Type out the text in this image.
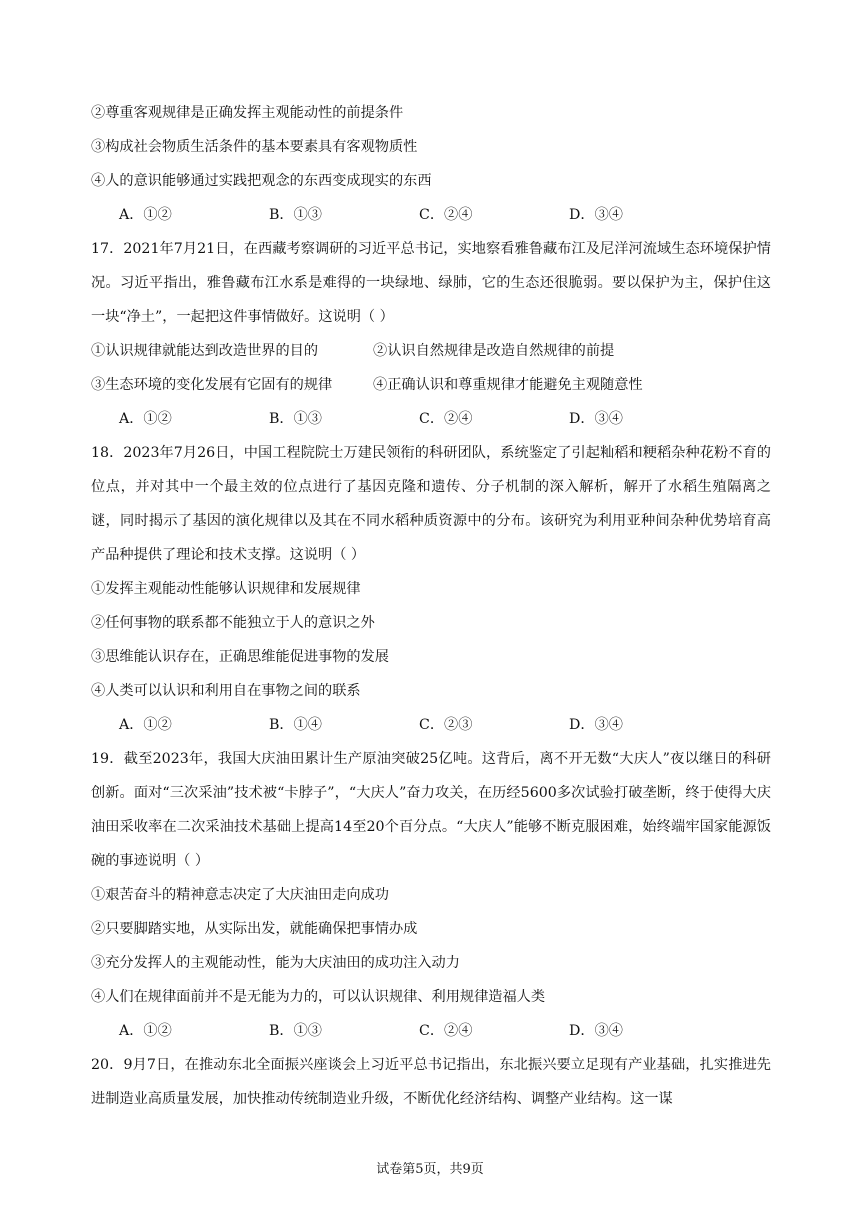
②尊重客观规律是正确发挥主观能动性的前提条件
③构成社会物质生活条件的基本要素具有客观物质性
④人的意识能够通过实践把观念的东西变成现实的东西
A．①②	B．①③	C．②④	D．③④
17．2021年7月21日，在西藏考察调研的习近平总书记，实地察看雅鲁藏布江及尼洋河流域生态环境保护情况。习近平指出，雅鲁藏布江水系是难得的一块绿地、绿肺，它的生态还很脆弱。要以保护为主，保护住这一块“净土”，一起把这件事情做好。这说明（ ）
①认识规律就能达到改造世界的目的	②认识自然规律是改造自然规律的前提
③生态环境的变化发展有它固有的规律	④正确认识和尊重规律才能避免主观随意性
A．①②	B．①③	C．②④	D．③④
18．2023年7月26日，中国工程院院士万建民领衔的科研团队，系统鉴定了引起籼稻和粳稻杂种花粉不育的位点，并对其中一个最主效的位点进行了基因克隆和遗传、分子机制的深入解析，解开了水稻生殖隔离之谜，同时揭示了基因的演化规律以及其在不同水稻种质资源中的分布。该研究为利用亚种间杂种优势培育高产品种提供了理论和技术支撑。这说明（ ）
①发挥主观能动性能够认识规律和发展规律
②任何事物的联系都不能独立于人的意识之外
③思维能认识存在，正确思维能促进事物的发展
④人类可以认识和利用自在事物之间的联系
A．①②	B．①④	C．②③	D．③④
19．截至2023年，我国大庆油田累计生产原油突破25亿吨。这背后，离不开无数“大庆人”夜以继日的科研创新。面对“三次采油”技术被“卡脖子”，“大庆人”奋力攻关，在历经5600多次试验打破垄断，终于使得大庆油田采收率在二次采油技术基础上提高14至20个百分点。“大庆人”能够不断克服困难，始终端牢国家能源饭碗的事迹说明（ ）
①艰苦奋斗的精神意志决定了大庆油田走向成功
②只要脚踏实地，从实际出发，就能确保把事情办成
③充分发挥人的主观能动性，能为大庆油田的成功注入动力
④人们在规律面前并不是无能为力的，可以认识规律、利用规律造福人类
A．①②	B．①③	C．②④	D．③④
20．9月7日，在推动东北全面振兴座谈会上习近平总书记指出，东北振兴要立足现有产业基础，扎实推进先进制造业高质量发展，加快推动传统制造业升级，不断优化经济结构、调整产业结构。这一谋
试卷第5页，共9页
